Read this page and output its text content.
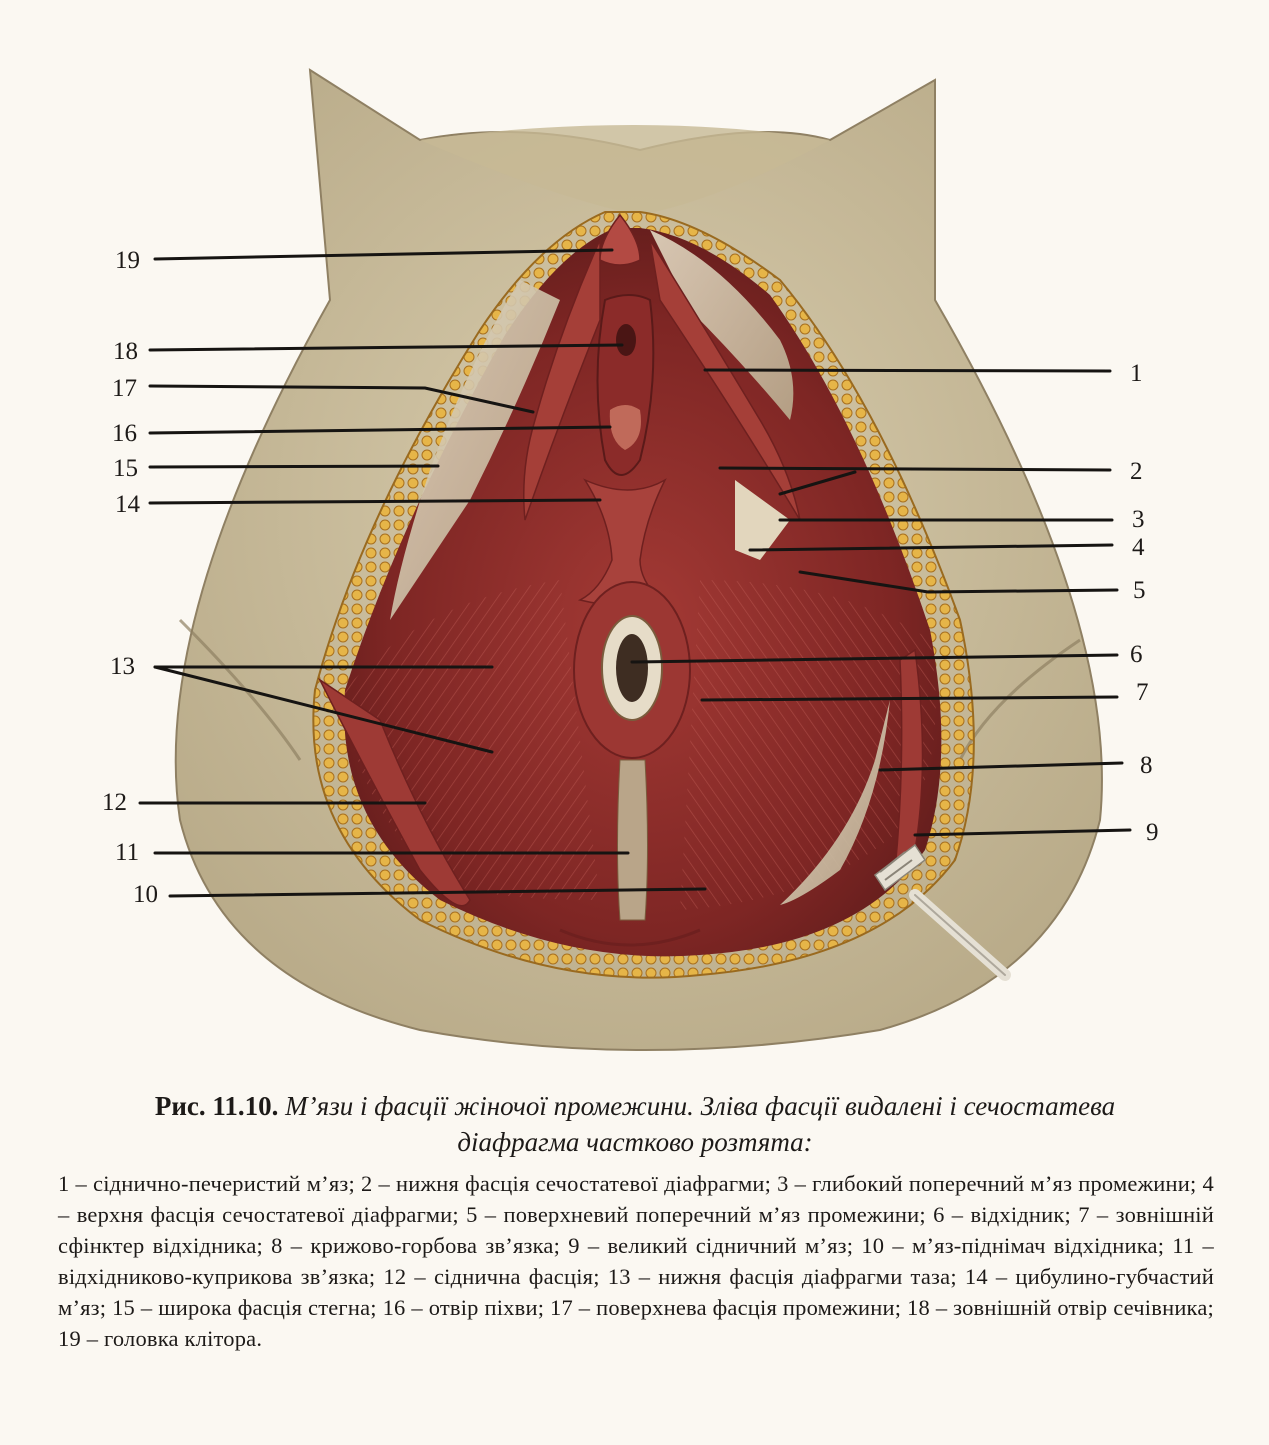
1
2
3
4
5
6
7
8
9
10
11
12
13
14
15
16
17
18
19
Рис. 11.10. М’язи і фасції жіночої промежини. Зліва фасції видалені і сечостатева діафрагма частково розтята:
1 – сіднично-печеристий м’яз; 2 – нижня фасція сечостатевої діафрагми; 3 – глибокий поперечний м’яз промежини; 4 – верхня фасція сечостатевої діафрагми; 5 – поверхневий поперечний м’яз промежини; 6 – відхідник; 7 – зовнішній сфінктер відхідника; 8 – крижово-горбова зв’язка; 9 – великий сідничний м’яз; 10 – м’яз-піднімач відхідника; 11 – відхідниково-куприкова зв’язка; 12 – сіднична фасція; 13 – нижня фасція діафрагми таза; 14 – цибулино-губчастий м’яз; 15 – широка фасція стегна; 16 – отвір піхви; 17 – поверхнева фасція промежини; 18 – зовнішній отвір сечівника; 19 – головка клітора.
